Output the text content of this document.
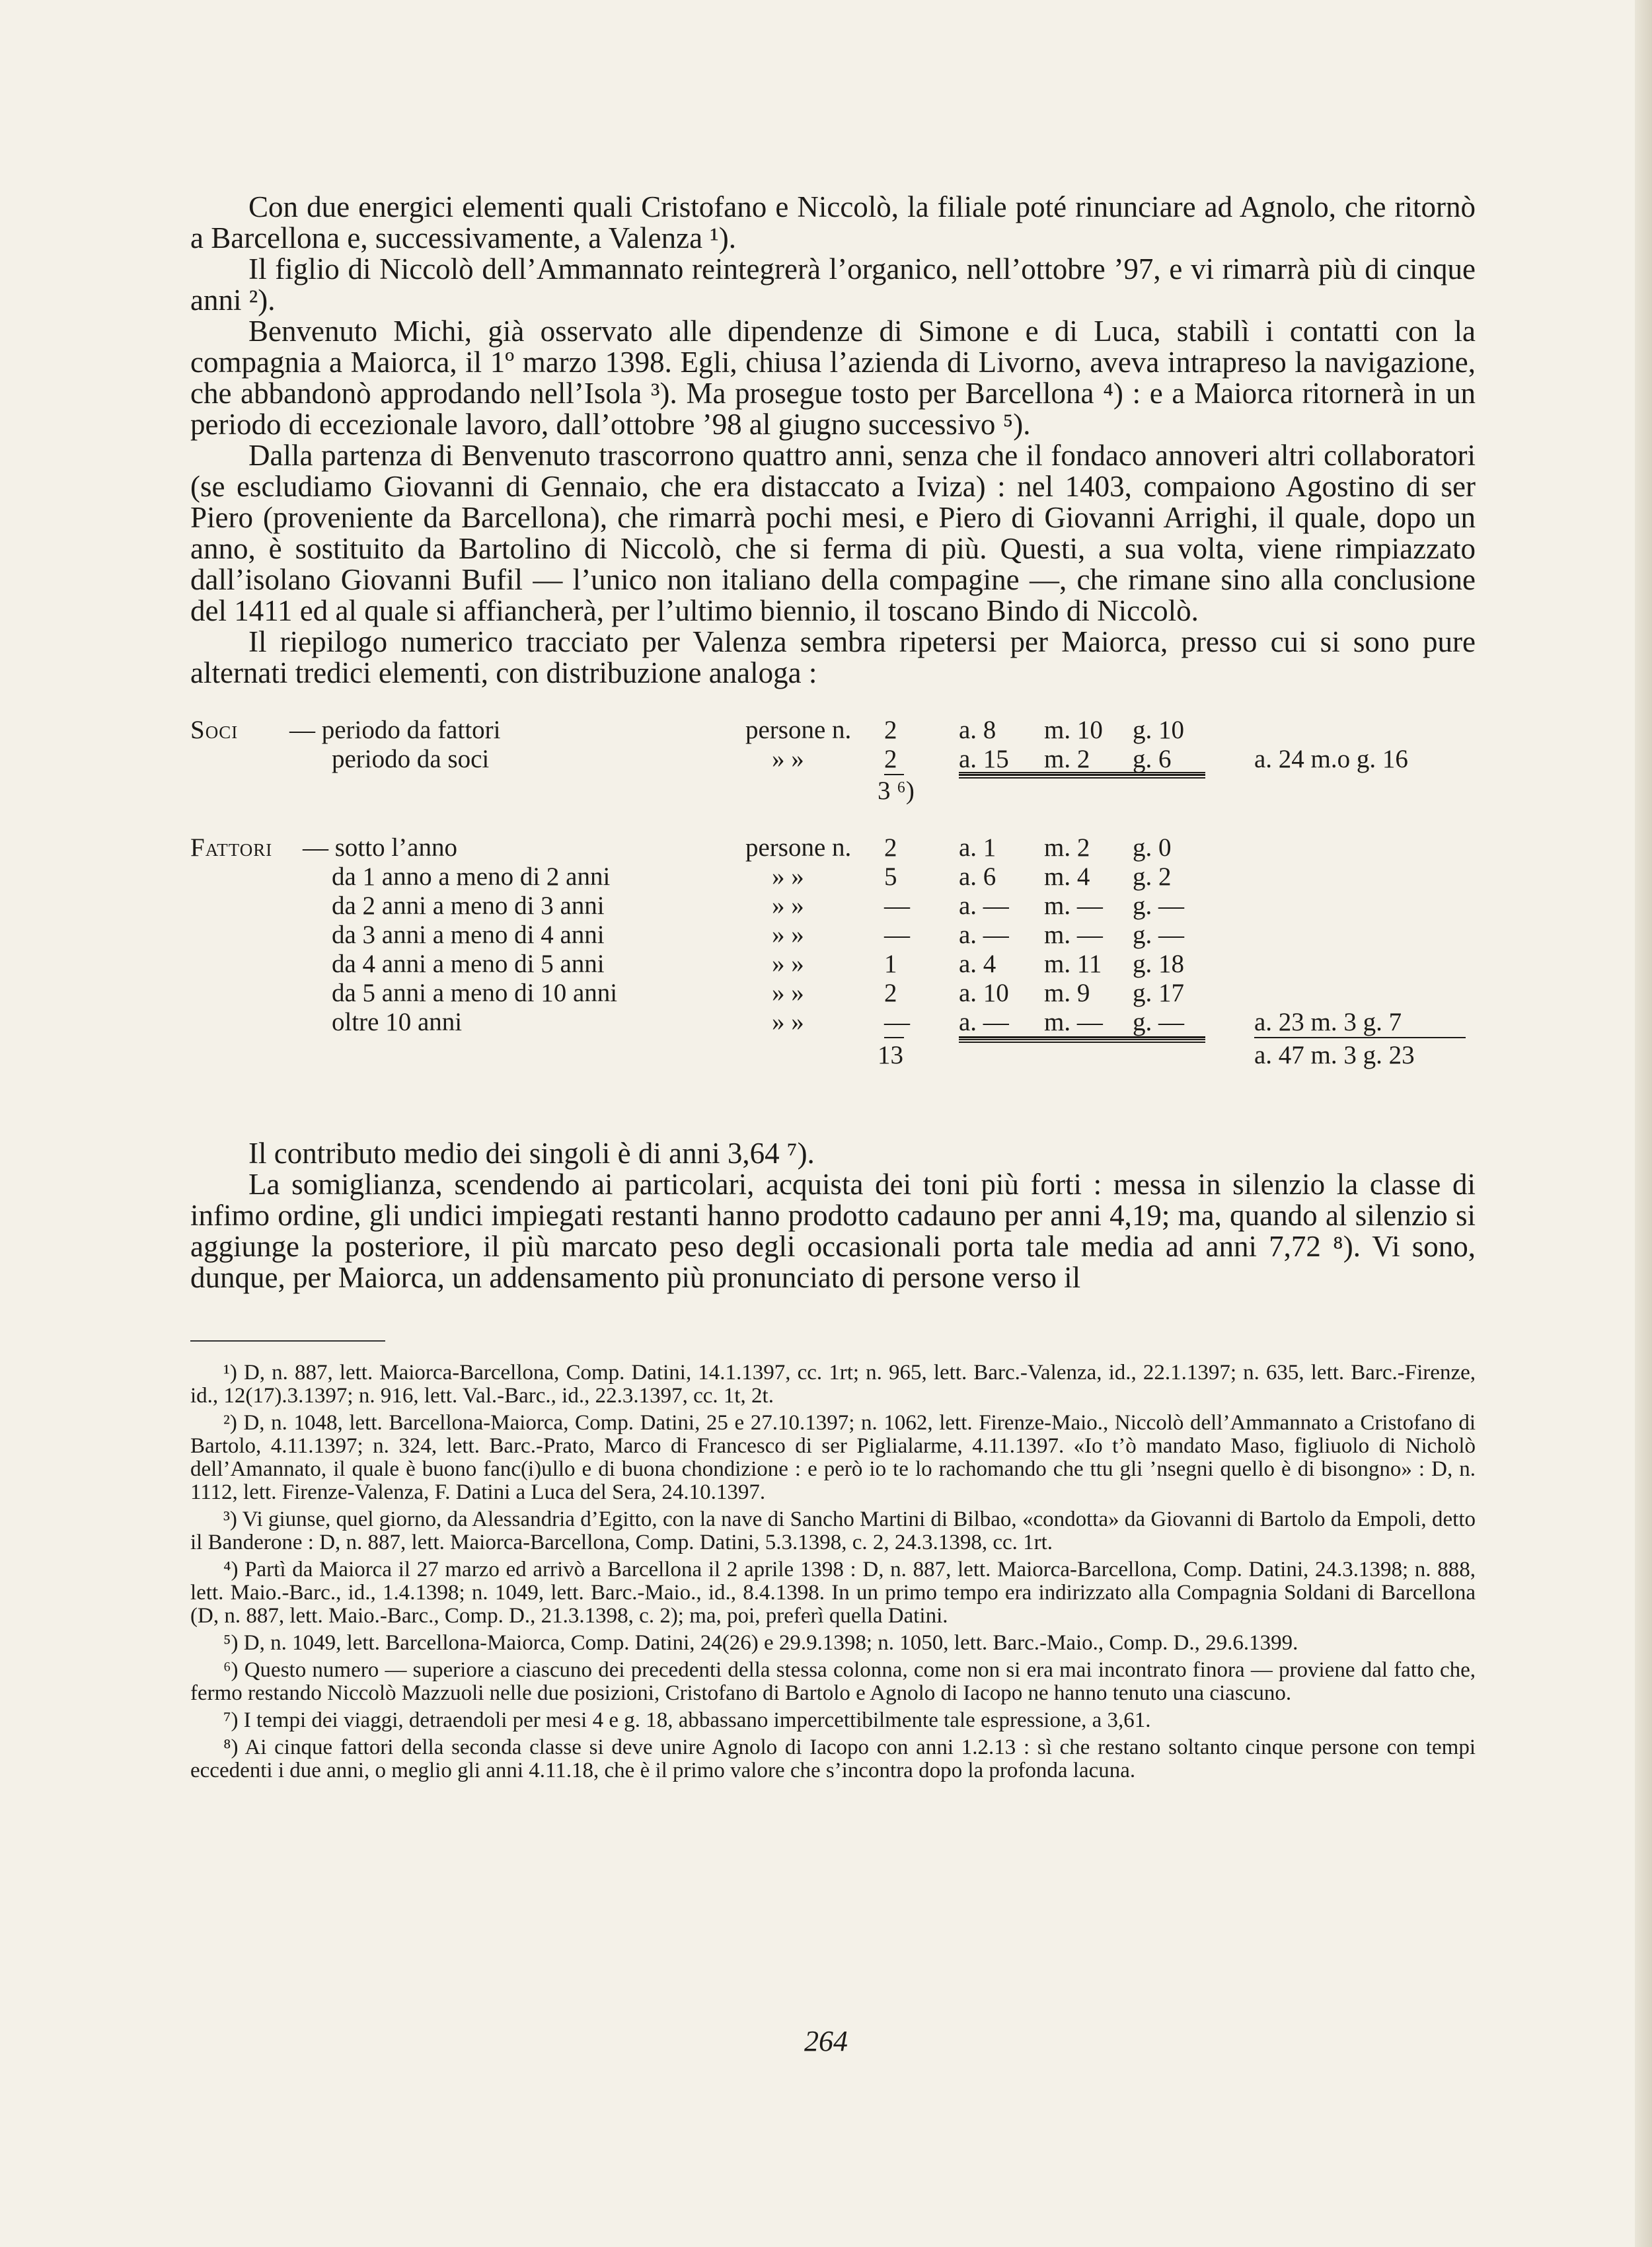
Con due energici elementi quali Cristofano e Niccolò, la filiale poté rinunciare ad Agnolo, che ritornò a Barcellona e, successivamente, a Valenza ¹).

Il figlio di Niccolò dell’Ammannato reintegrerà l’organico, nell’ottobre ’97, e vi rimarrà più di cinque anni ²).

Benvenuto Michi, già osservato alle dipendenze di Simone e di Luca, stabilì i contatti con la compagnia a Maiorca, il 1º marzo 1398. Egli, chiusa l’azienda di Livorno, aveva intrapreso la navigazione, che abbandonò approdando nell’Isola ³). Ma prosegue tosto per Barcellona ⁴) : e a Maiorca ritornerà in un periodo di eccezionale lavoro, dall’ottobre ’98 al giugno successivo ⁵).

Dalla partenza di Benvenuto trascorrono quattro anni, senza che il fondaco annoveri altri collaboratori (se escludiamo Giovanni di Gennaio, che era distaccato a Iviza) : nel 1403, compaiono Agostino di ser Piero (proveniente da Barcellona), che rimarrà pochi mesi, e Piero di Giovanni Arrighi, il quale, dopo un anno, è sostituito da Bartolino di Niccolò, che si ferma di più. Questi, a sua volta, viene rimpiazzato dall’isolano Giovanni Bufil — l’unico non italiano della compagine —, che rimane sino alla conclusione del 1411 ed al quale si affiancherà, per l’ultimo biennio, il toscano Bindo di Niccolò.

Il riepilogo numerico tracciato per Valenza sembra ripetersi per Maiorca, presso cui si sono pure alternati tredici elementi, con distribuzione analoga :

Soci — periodo da fattori	persone n. 2 a. 8 m. 10 g. 10
periodo da soci	» »	2 a. 15	m. 2	g. 6	a. 24 m.o g. 16
3 ⁶)
Fattori — sotto l’anno	persone n. 2 a. 1 m. 2 g. 0
da 1 anno a meno di 2 anni	» »	5 a. 6 m. 4 g. 2
da 2 anni a meno di 3 anni	» »	— a. — m. — g. —
da 3 anni a meno di 4 anni	» »	— a. — m. — g. —
da 4 anni a meno di 5 anni	» »	1 a. 4 m. 11 g. 18
da 5 anni a meno di 10 anni	» »	2 a. 10 m. 9 g. 17
oltre 10 anni	» »	— a. —	m. —	g. —	a. 23 m. 3 g. 7
13	a. 47 m. 3 g. 23

Il contributo medio dei singoli è di anni 3,64 ⁷).

La somiglianza, scendendo ai particolari, acquista dei toni più forti : messa in silenzio la classe di infimo ordine, gli undici impiegati restanti hanno prodotto cadauno per anni 4,19; ma, quando al silenzio si aggiunge la posteriore, il più marcato peso degli occasionali porta tale media ad anni 7,72 ⁸). Vi sono, dunque, per Maiorca, un addensamento più pronunciato di persone verso il

¹) D, n. 887, lett. Maiorca-Barcellona, Comp. Datini, 14.1.1397, cc. 1rt; n. 965, lett. Barc.-Valenza, id., 22.1.1397; n. 635, lett. Barc.-Firenze, id., 12(17).3.1397; n. 916, lett. Val.-Barc., id., 22.3.1397, cc. 1t, 2t.

²) D, n. 1048, lett. Barcellona-Maiorca, Comp. Datini, 25 e 27.10.1397; n. 1062, lett. Firenze-Maio., Niccolò dell’Ammannato a Cristofano di Bartolo, 4.11.1397; n. 324, lett. Barc.-Prato, Marco di Francesco di ser Piglialarme, 4.11.1397. «Io t’ò mandato Maso, figliuolo di Nicholò dell’Amannato, il quale è buono fanc(i)ullo e di buona chondizione : e però io te lo rachomando che ttu gli ’nsegni quello è di bisongno» : D, n. 1112, lett. Firenze-Valenza, F. Datini a Luca del Sera, 24.10.1397.

³) Vi giunse, quel giorno, da Alessandria d’Egitto, con la nave di Sancho Martini di Bilbao, «condotta» da Giovanni di Bartolo da Empoli, detto il Banderone : D, n. 887, lett. Maiorca-Barcellona, Comp. Datini, 5.3.1398, c. 2, 24.3.1398, cc. 1rt.

⁴) Partì da Maiorca il 27 marzo ed arrivò a Barcellona il 2 aprile 1398 : D, n. 887, lett. Maiorca-Barcellona, Comp. Datini, 24.3.1398; n. 888, lett. Maio.-Barc., id., 1.4.1398; n. 1049, lett. Barc.-Maio., id., 8.4.1398. In un primo tempo era indirizzato alla Compagnia Soldani di Barcellona (D, n. 887, lett. Maio.-Barc., Comp. D., 21.3.1398, c. 2); ma, poi, preferì quella Datini.

⁵) D, n. 1049, lett. Barcellona-Maiorca, Comp. Datini, 24(26) e 29.9.1398; n. 1050, lett. Barc.-Maio., Comp. D., 29.6.1399.

⁶) Questo numero — superiore a ciascuno dei precedenti della stessa colonna, come non si era mai incontrato finora — proviene dal fatto che, fermo restando Niccolò Mazzuoli nelle due posizioni, Cristofano di Bartolo e Agnolo di Iacopo ne hanno tenuto una ciascuno.

⁷) I tempi dei viaggi, detraendoli per mesi 4 e g. 18, abbassano impercettibilmente tale espressione, a 3,61.

⁸) Ai cinque fattori della seconda classe si deve unire Agnolo di Iacopo con anni 1.2.13 : sì che restano soltanto cinque persone con tempi eccedenti i due anni, o meglio gli anni 4.11.18, che è il primo valore che s’incontra dopo la profonda lacuna.

264
